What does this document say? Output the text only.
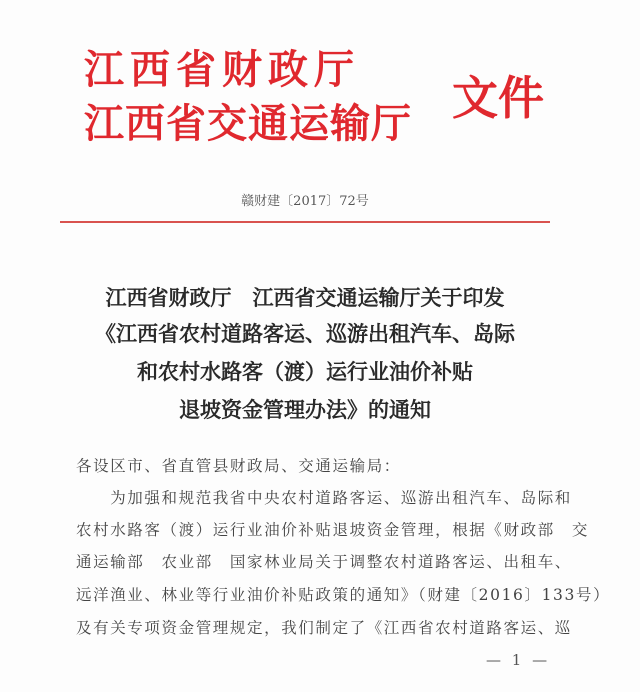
江西省财政厅
江西省交通运输厅 文件
赣财建〔2017〕72号
江西省财政厅　江西省交通运输厅关于印发
《江西省农村道路客运、巡游出租汽车、岛际
和农村水路客（渡）运行业油价补贴
退坡资金管理办法》的通知
各设区市、省直管县财政局、交通运输局：
　　为加强和规范我省中央农村道路客运、巡游出租汽车、岛际和
农村水路客（渡）运行业油价补贴退坡资金管理，根据《财政部　交
通运输部　农业部　国家林业局关于调整农村道路客运、出租车、
远洋渔业、林业等行业油价补贴政策的通知》（财建〔2016〕133号）
及有关专项资金管理规定，我们制定了《江西省农村道路客运、巡
— 1 —
